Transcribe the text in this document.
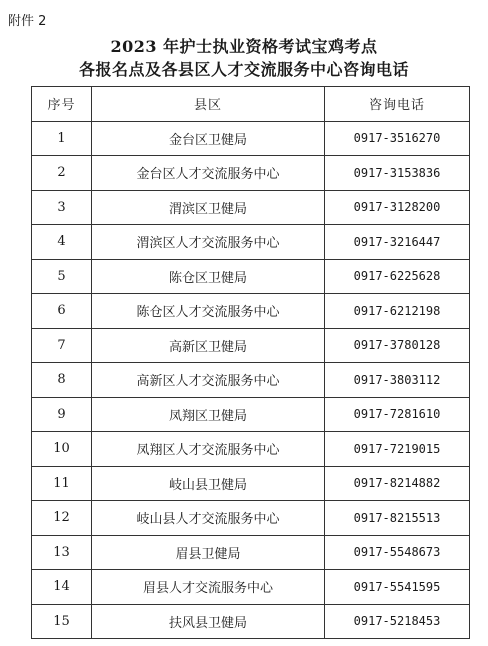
附件 2
2023 年护士执业资格考试宝鸡考点
各报名点及各县区人才交流服务中心咨询电话
序号	县区	咨询电话
1	金台区卫健局	0917-3516270
2	金台区人才交流服务中心	0917-3153836
3	渭滨区卫健局	0917-3128200
4	渭滨区人才交流服务中心	0917-3216447
5	陈仓区卫健局	0917-6225628
6	陈仓区人才交流服务中心	0917-6212198
7	高新区卫健局	0917-3780128
8	高新区人才交流服务中心	0917-3803112
9	凤翔区卫健局	0917-7281610
10	凤翔区人才交流服务中心	0917-7219015
11	岐山县卫健局	0917-8214882
12	岐山县人才交流服务中心	0917-8215513
13	眉县卫健局	0917-5548673
14	眉县人才交流服务中心	0917-5541595
15	扶风县卫健局	0917-5218453
